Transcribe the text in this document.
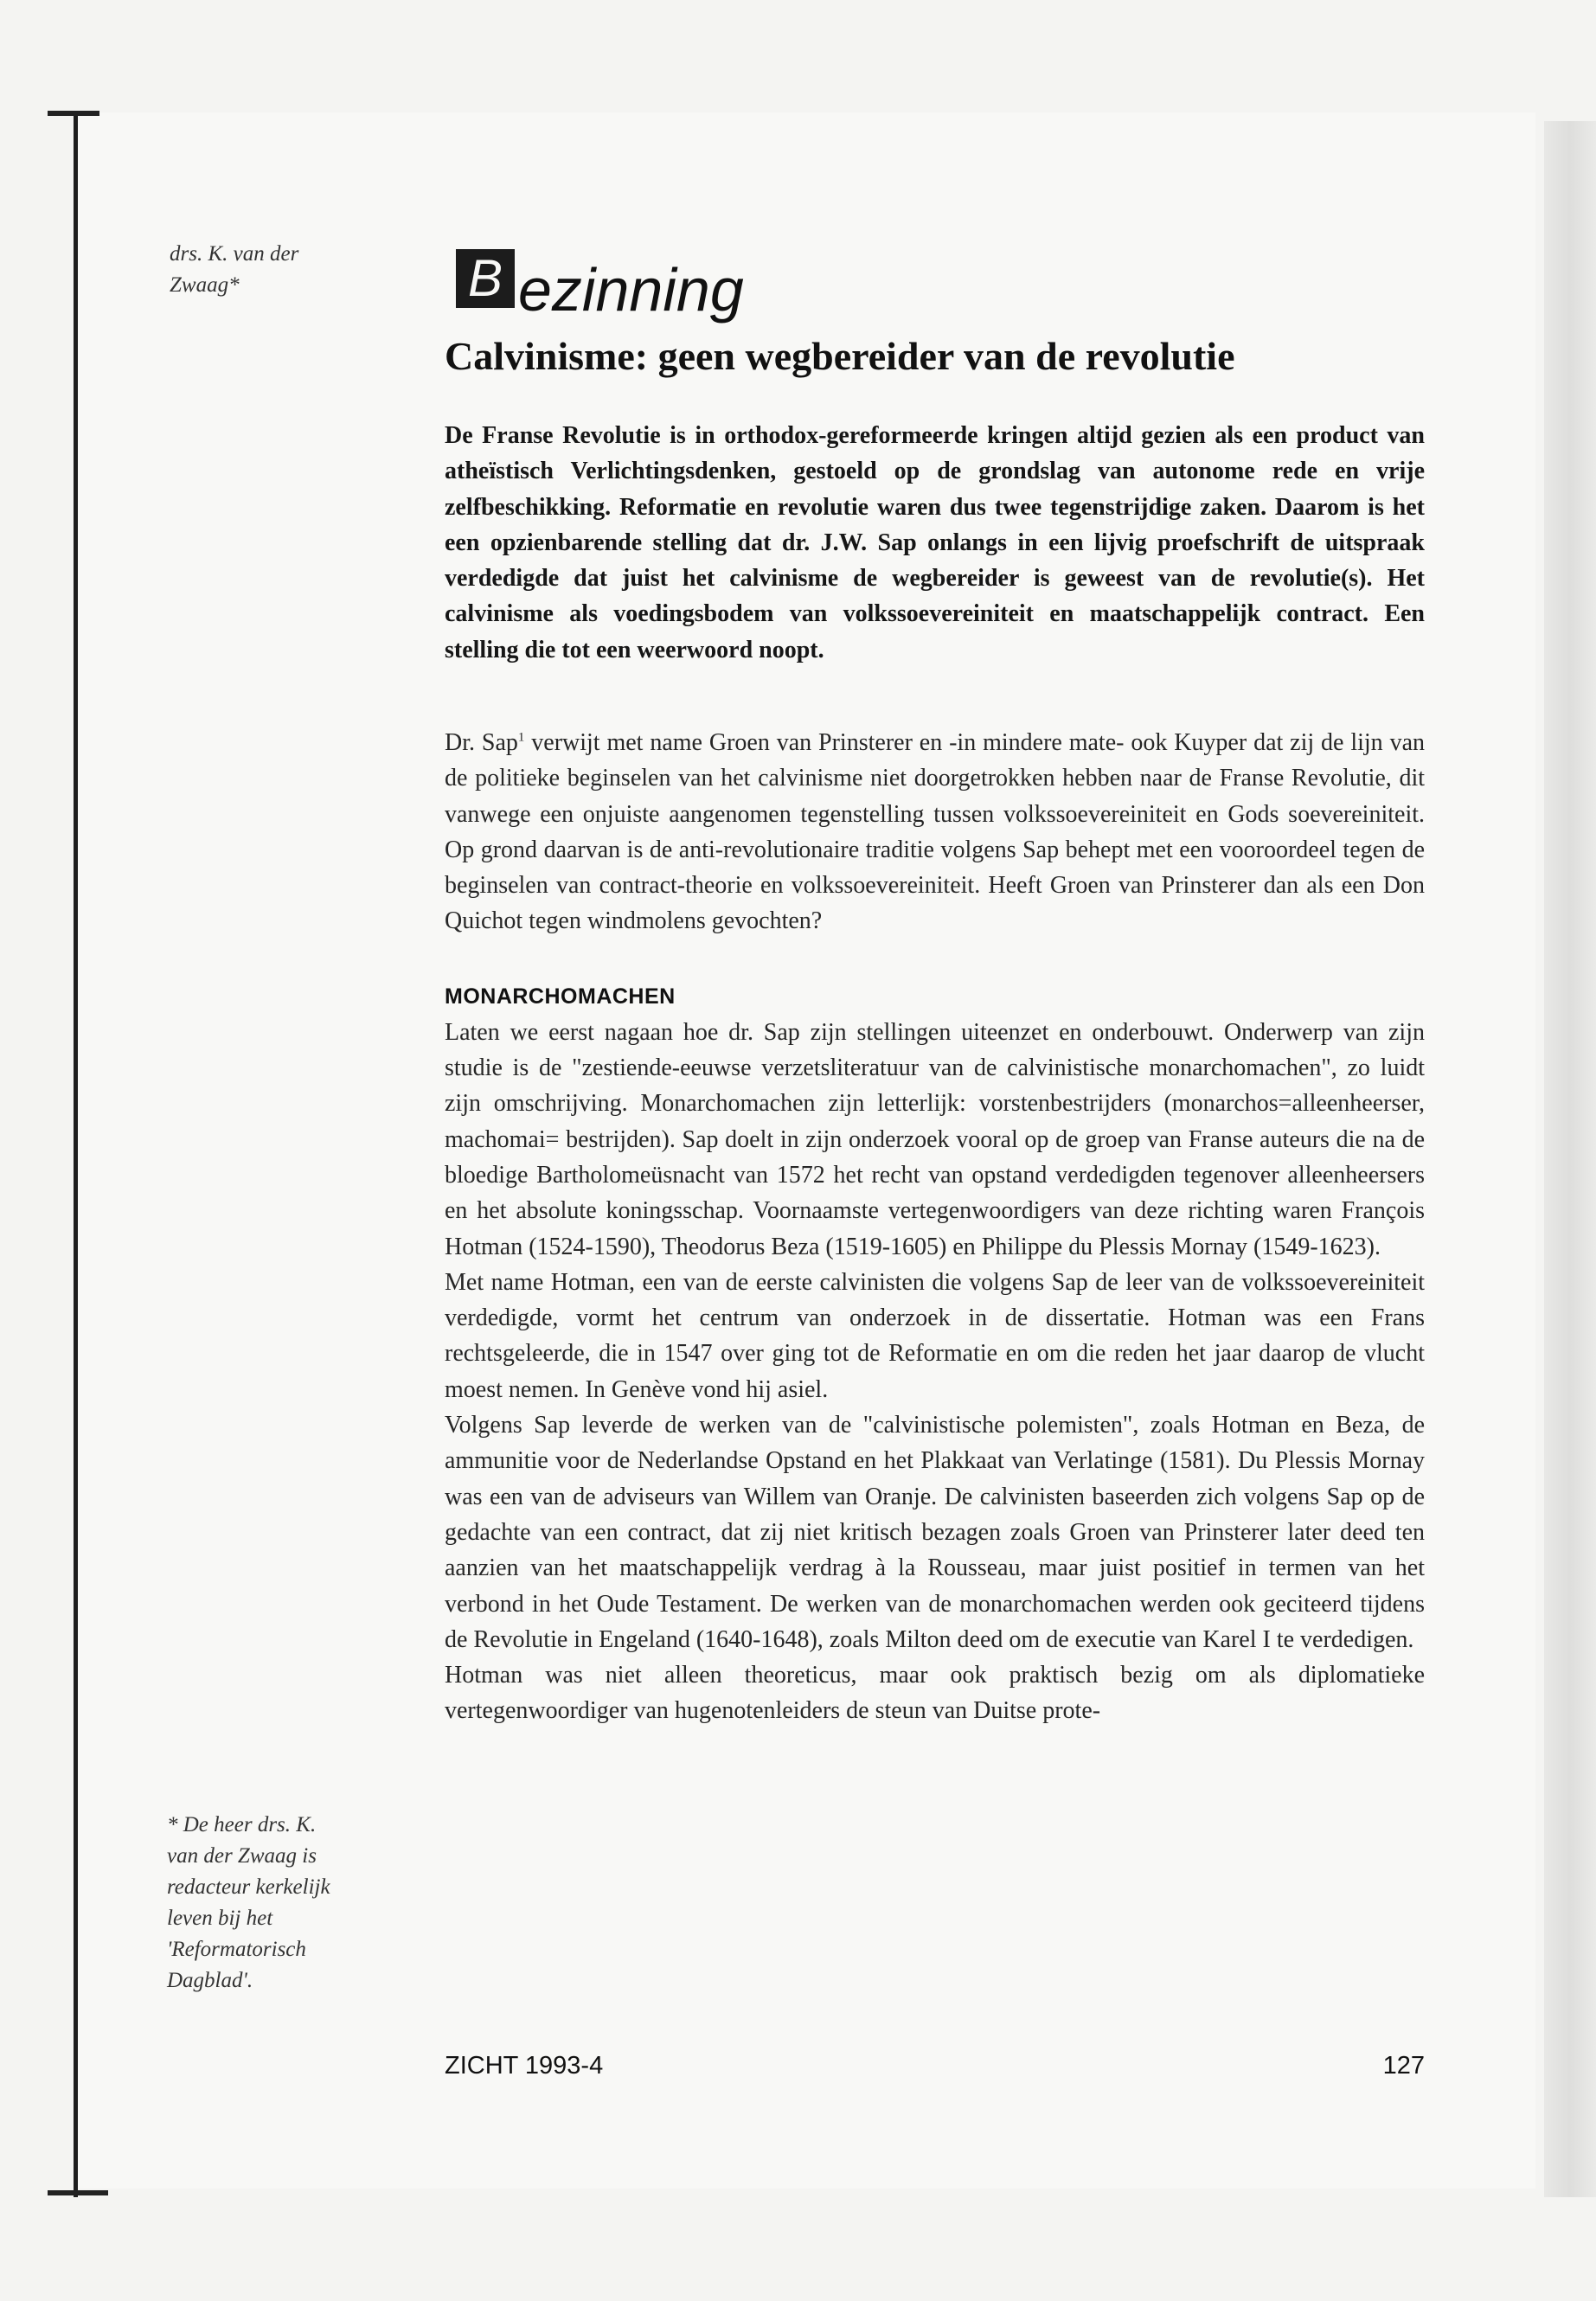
drs. K. van der
Zwaag*	B ezinning
Calvinisme: geen wegbereider van de revolutie
De Franse Revolutie is in orthodox-gereformeerde kringen altijd gezien als een product van atheïstisch Verlichtingsdenken, gestoeld op de grondslag van autonome rede en vrije zelfbeschikking. Reformatie en revolutie waren dus twee tegenstrijdige zaken. Daarom is het een opzienbarende stelling dat dr. J.W. Sap onlangs in een lijvig proefschrift de uitspraak verdedigde dat juist het calvinisme de wegbereider is geweest van de revolutie(s). Het calvinisme als voedingsbodem van volkssoevereiniteit en maatschappelijk contract. Een stelling die tot een weerwoord noopt.

Dr. Sap$^1$ verwijt met name Groen van Prinsterer en -in mindere mate- ook Kuyper dat zij de lijn van de politieke beginselen van het calvinisme niet doorgetrokken hebben naar de Franse Revolutie, dit vanwege een onjuiste aangenomen tegenstelling tussen volkssoevereiniteit en Gods soevereiniteit. Op grond daarvan is de anti-revolutionaire traditie volgens Sap behept met een vooroordeel tegen de beginselen van contract-theorie en volkssoevereiniteit. Heeft Groen van Prinsterer dan als een Don Quichot tegen windmolens gevochten?

MONARCHOMACHEN

Laten we eerst nagaan hoe dr. Sap zijn stellingen uiteenzet en onderbouwt. Onderwerp van zijn studie is de "zestiende-eeuwse verzetsliteratuur van de calvinistische monarchomachen", zo luidt zijn omschrijving. Monarchomachen zijn letterlijk: vorstenbestrijders (monarchos=alleenheerser, machomai= bestrijden). Sap doelt in zijn onderzoek vooral op de groep van Franse auteurs die na de bloedige Bartholomeüsnacht van 1572 het recht van opstand verdedigden tegenover alleenheersers en het absolute koningsschap. Voornaamste vertegenwoordigers van deze richting waren François Hotman (1524-1590), Theodorus Beza (1519-1605) en Philippe du Plessis Mornay (1549-1623).

Met name Hotman, een van de eerste calvinisten die volgens Sap de leer van de volkssoevereiniteit verdedigde, vormt het centrum van onderzoek in de dissertatie. Hotman was een Frans rechtsgeleerde, die in 1547 over ging tot de Reformatie en om die reden het jaar daarop de vlucht moest nemen. In Genève vond hij asiel.

Volgens Sap leverde de werken van de "calvinistische polemisten", zoals Hotman en Beza, de ammunitie voor de Nederlandse Opstand en het Plakkaat van Verlatinge (1581). Du Plessis Mornay was een van de adviseurs van Willem van Oranje. De calvinisten baseerden zich volgens Sap op de gedachte van een contract, dat zij niet kritisch bezagen zoals Groen van Prinsterer later deed ten aanzien van het maatschappelijk verdrag à la Rousseau, maar juist positief in termen van het verbond in het Oude Testament. De werken van de monarchomachen werden ook geciteerd tijdens de Revolutie in Engeland (1640-1648), zoals Milton deed om de executie van Karel I te verdedigen.

Hotman was niet alleen theoreticus, maar ook praktisch bezig om als diplomatieke vertegenwoordiger van hugenotenleiders de steun van Duitse prote-

* De heer drs. K.
van der Zwaag is
redacteur kerkelijk
leven bij het
'Reformatorisch
Dagblad'.
ZICHT 1993-4	127
